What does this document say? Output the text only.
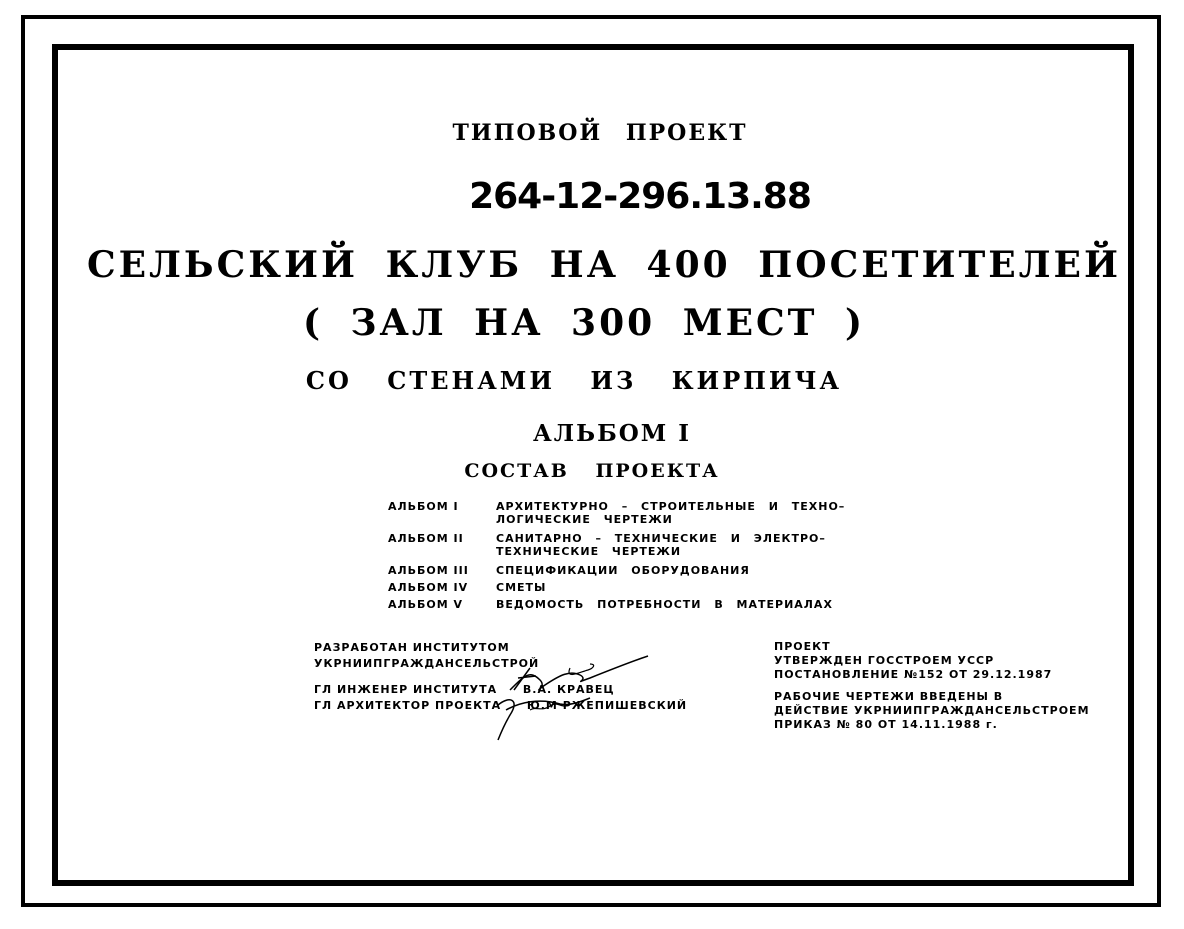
ТИПОВОЙ ПРОЕКТ
264-12-296.13.88
СЕЛЬСКИЙ КЛУБ НА 400 ПОСЕТИТЕЛЕЙ
( ЗАЛ НА 300 МЕСТ )
СО СТЕНАМИ ИЗ КИРПИЧА
АЛЬБОМ I
СОСТАВ ПРОЕКТА
АЛЬБОМ I	АРХИТЕКТУРНО – СТРОИТЕЛЬНЫЕ И ТЕХНО–
ЛОГИЧЕСКИЕ ЧЕРТЕЖИ
АЛЬБОМ II	САНИТАРНО – ТЕХНИЧЕСКИЕ И ЭЛЕКТРО–
ТЕХНИЧЕСКИЕ ЧЕРТЕЖИ
АЛЬБОМ III СПЕЦИФИКАЦИИ ОБОРУДОВАНИЯ
АЛЬБОМ IV	СМЕТЫ
АЛЬБОМ V	ВЕДОМОСТЬ ПОТРЕБНОСТИ В МАТЕРИАЛАХ
РАЗРАБОТАН ИНСТИТУТОМ
УКРНИИПГРАЖДАНСЕЛЬСТРОЙ
ГЛ ИНЖЕНЕР ИНСТИТУТА В.А. КРАВЕЦ
ГЛ АРХИТЕКТОР ПРОЕКТА Ю.М РЖЕПИШЕВСКИЙ
ПРОЕКТ
УТВЕРЖДЕН ГОССТРОЕМ УССР
ПОСТАНОВЛЕНИЕ №152 ОТ 29.12.1987
РАБОЧИЕ ЧЕРТЕЖИ ВВЕДЕНЫ В
ДЕЙСТВИЕ УКРНИИПГРАЖДАНСЕЛЬСТРОЕМ
ПРИКАЗ № 80 ОТ 14.11.1988 г.
